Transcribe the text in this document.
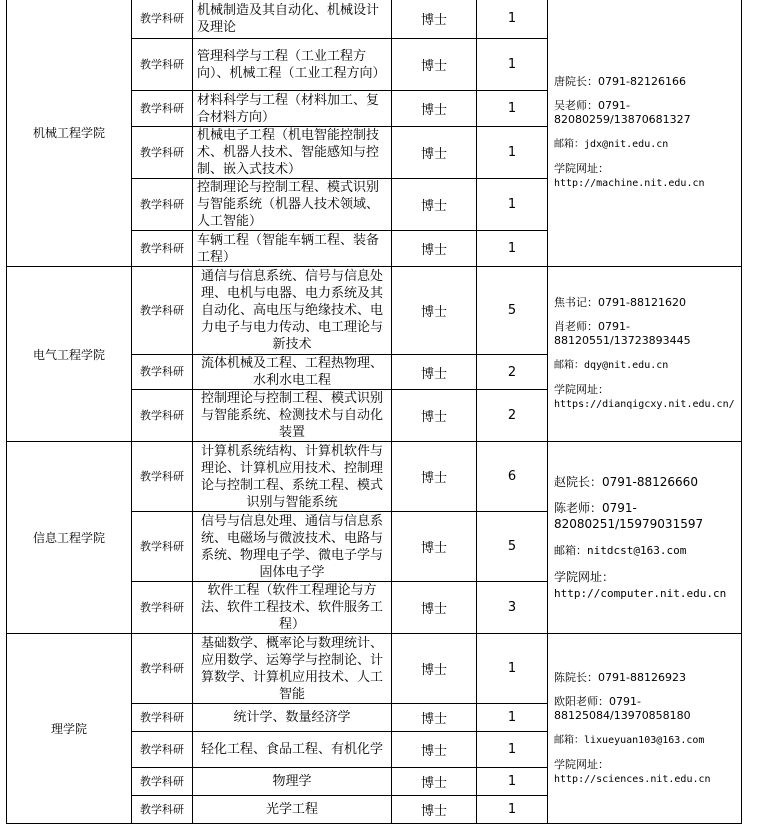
机械工程学院	教学科研	机械制造及其自动化、机械设计及理论	博士	1	唐院长：0791-82126166

吴老师：0791-82080259/13870681327

邮箱：jdx@nit.edu.cn

学院网址：
http://machine.nit.edu.cn

	教学科研	管理科学与工程（工业工程方向）、机械工程（工业工程方向）	博士	1	
	教学科研	材料科学与工程（材料加工、复合材料方向）	博士	1	
	教学科研	机械电子工程（机电智能控制技术、机器人技术、智能感知与控制、嵌入式技术）	博士	1	
	教学科研	控制理论与控制工程、模式识别与智能系统（机器人技术领域、人工智能）	博士	1	
	教学科研	车辆工程（智能车辆工程、装备工程）	博士	1	
电气工程学院	教学科研	通信与信息系统、信号与信息处理、电机与电器、电力系统及其自动化、高电压与绝缘技术、电力电子与电力传动、电工理论与新技术	博士	5	焦书记：0791-88121620

肖老师：0791-88120551/13723893445

邮箱：dqy@nit.edu.cn

学院网址：
https://dianqigcxy.nit.edu.cn/

	教学科研	流体机械及工程、工程热物理、水利水电工程	博士	2	
	教学科研	控制理论与控制工程、模式识别与智能系统、检测技术与自动化装置	博士	2	
信息工程学院	教学科研	计算机系统结构、计算机软件与理论、计算机应用技术、控制理论与控制工程、系统工程、模式识别与智能系统	博士	6	赵院长：0791-88126660

陈老师：0791-82080251/15979031597

邮箱：nitdcst@163.com

学院网址：
http://computer.nit.edu.cn

	教学科研	信号与信息处理、通信与信息系统、电磁场与微波技术、电路与系统、物理电子学、微电子学与固体电子学	博士	5	
	教学科研	软件工程（软件工程理论与方法、软件工程技术、软件服务工程）	博士	3	
理学院	教学科研	基础数学、概率论与数理统计、应用数学、运筹学与控制论、计算数学、计算机应用技术、人工智能	博士	1	陈院长：0791-88126923

欧阳老师：0791-88125084/13970858180

邮箱：lixueyuan103@163.com

学院网址：
http://sciences.nit.edu.cn

	教学科研	统计学、数量经济学	博士	1	
	教学科研	轻化工程、食品工程、有机化学	博士	1	
	教学科研	物理学	博士	1	
	教学科研	光学工程	博士	1	
